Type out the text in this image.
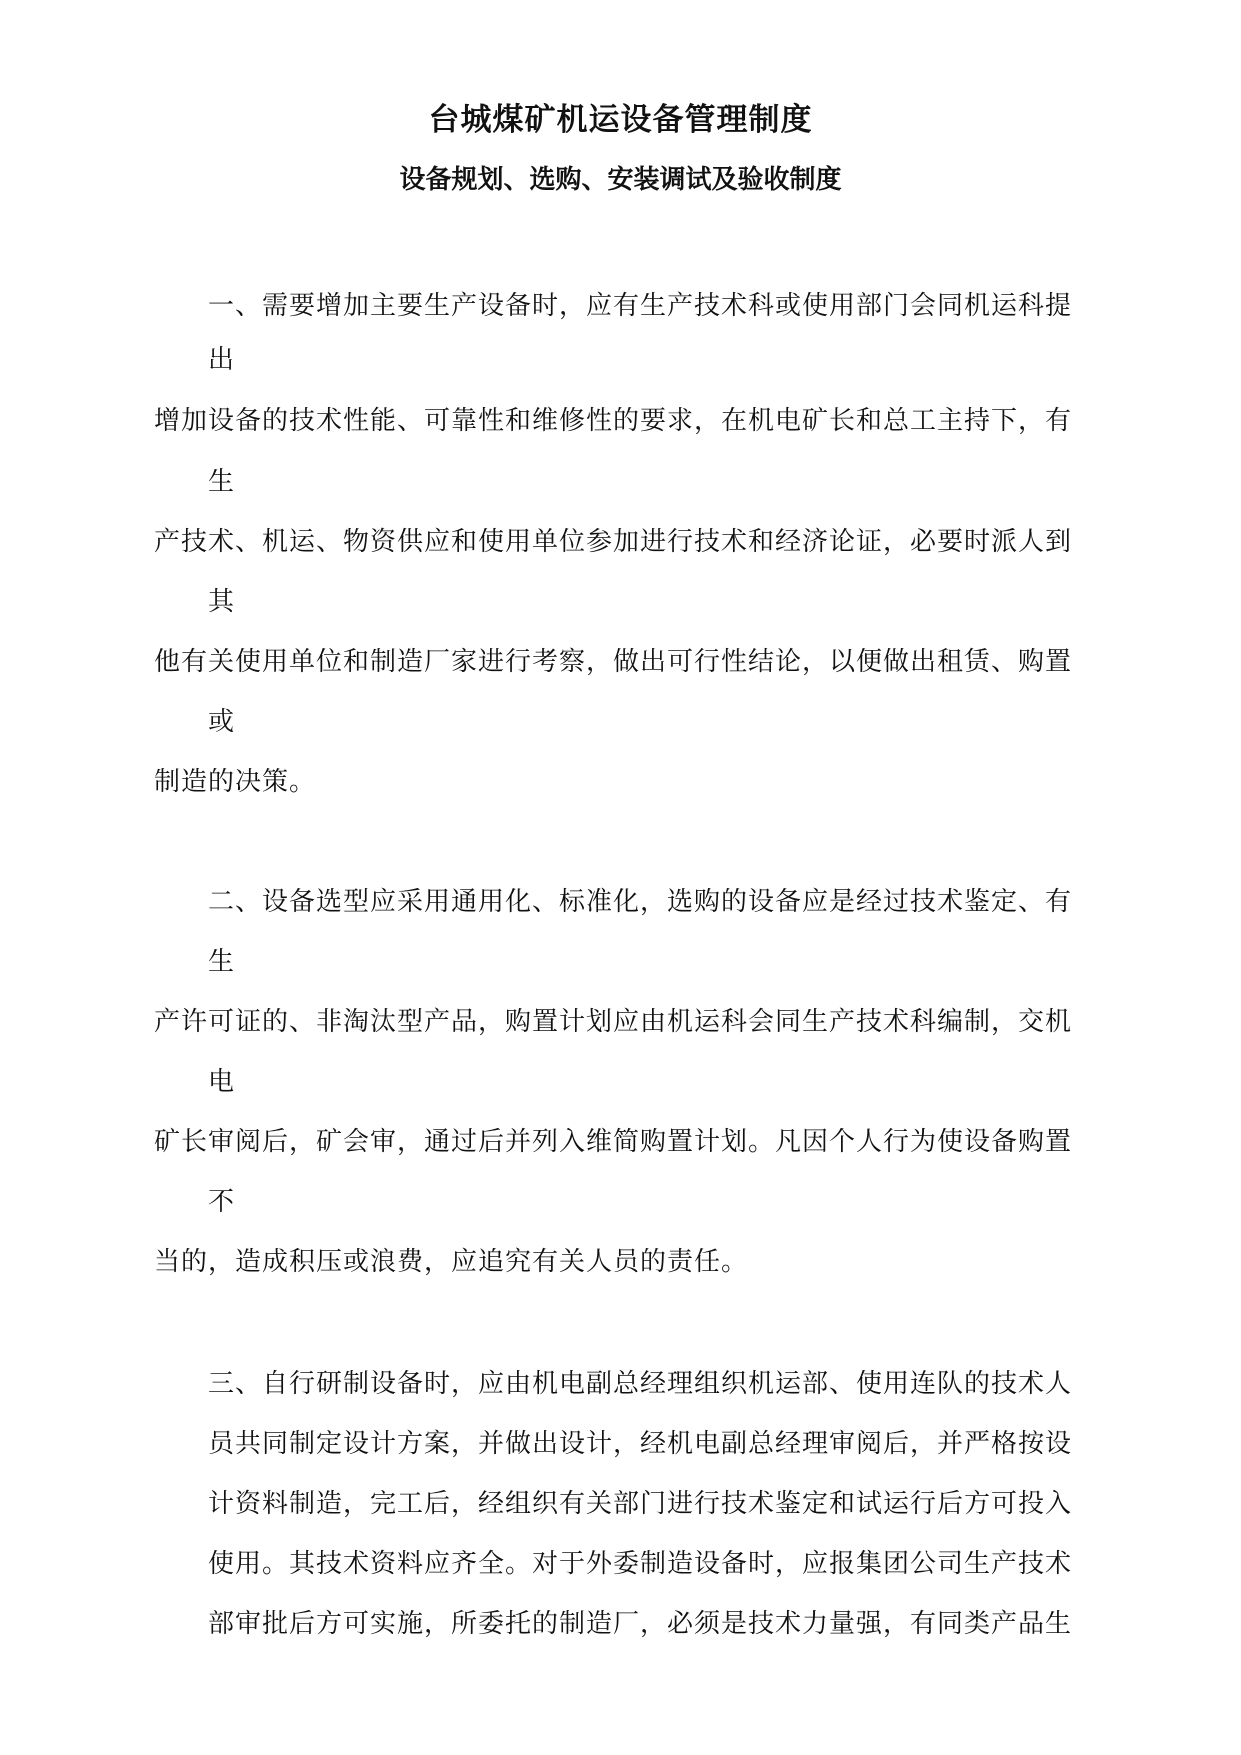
台城煤矿机运设备管理制度
设备规划、选购、安装调试及验收制度
一、需要增加主要生产设备时，应有生产技术科或使用部门会同机运科提
出
增加设备的技术性能、可靠性和维修性的要求，在机电矿长和总工主持下，有
生
产技术、机运、物资供应和使用单位参加进行技术和经济论证，必要时派人到
其
他有关使用单位和制造厂家进行考察，做出可行性结论，以便做出租赁、购置
或
制造的决策。
二、设备选型应采用通用化、标准化，选购的设备应是经过技术鉴定、有
生
产许可证的、非淘汰型产品，购置计划应由机运科会同生产技术科编制，交机
电
矿长审阅后，矿会审，通过后并列入维简购置计划。凡因个人行为使设备购置
不
当的，造成积压或浪费，应追究有关人员的责任。
三、自行研制设备时，应由机电副总经理组织机运部、使用连队的技术人
员共同制定设计方案，并做出设计，经机电副总经理审阅后，并严格按设
计资料制造，完工后，经组织有关部门进行技术鉴定和试运行后方可投入
使用。其技术资料应齐全。对于外委制造设备时，应报集团公司生产技术
部审批后方可实施，所委托的制造厂，必须是技术力量强，有同类产品生
